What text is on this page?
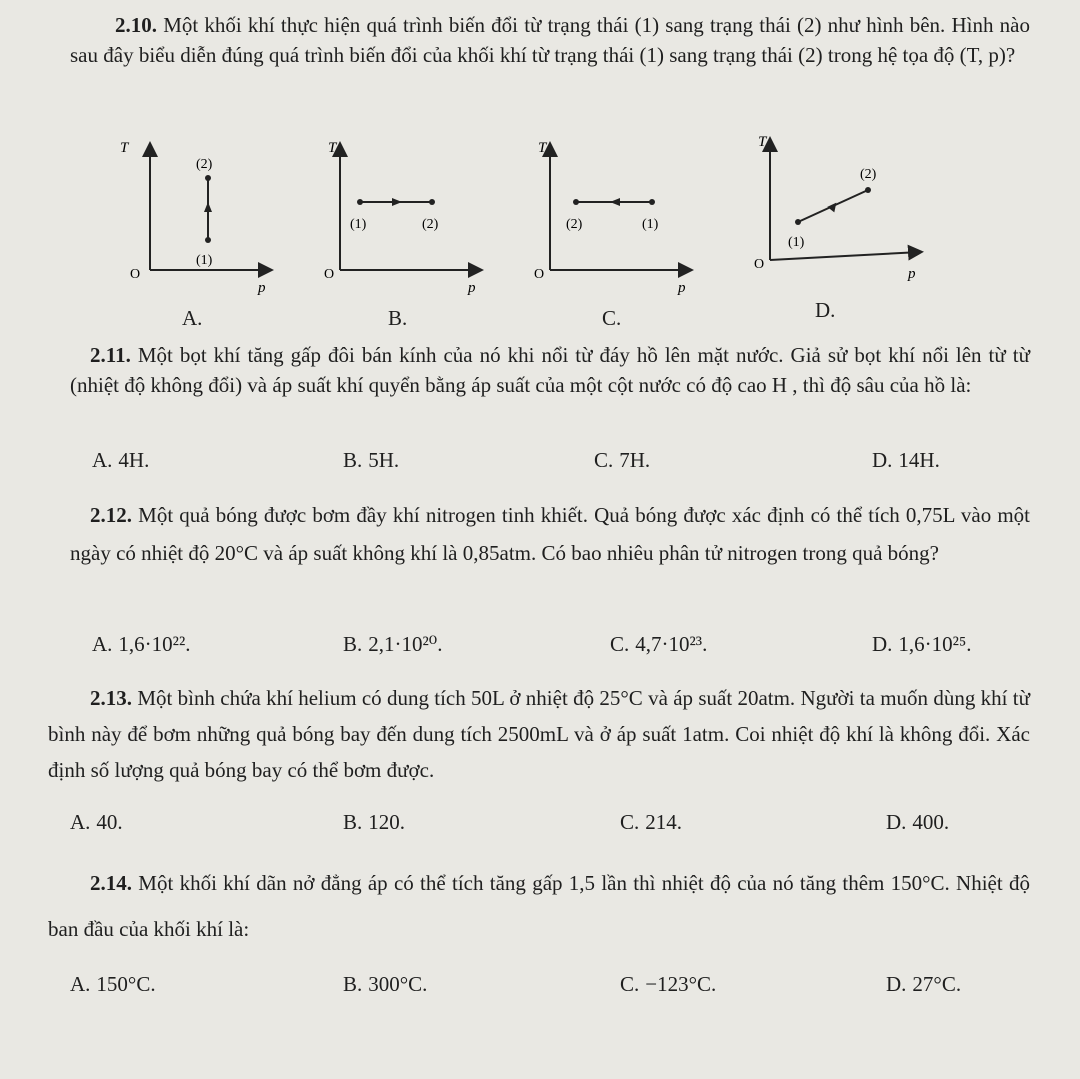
2.10. Một khối khí thực hiện quá trình biến đổi từ trạng thái (1) sang trạng thái (2) như hình bên. Hình nào sau đây biểu diễn đúng quá trình biến đổi của khối khí từ trạng thái (1) sang trạng thái (2) trong hệ tọa độ (T, p)?
T
p
O
(1)
(2)
A.
T
p
O
(1)	(2)
B.
T
p
O
(2)	(1)
C.
T
p
O
(1)
(2)
D.
2.11. Một bọt khí tăng gấp đôi bán kính của nó khi nổi từ đáy hồ lên mặt nước. Giả sử bọt khí nổi lên từ từ (nhiệt độ không đổi) và áp suất khí quyển bằng áp suất của một cột nước có độ cao H , thì độ sâu của hồ là:
A. 4H.	B. 5H.	C. 7H.	D. 14H.
2.12. Một quả bóng được bơm đầy khí nitrogen tinh khiết. Quả bóng được xác định có thể tích 0,75L vào một ngày có nhiệt độ 20°C và áp suất không khí là 0,85atm. Có bao nhiêu phân tử nitrogen trong quả bóng?
A. 1,6·10²².	B. 2,1·10²⁰.	C. 4,7·10²³.	D. 1,6·10²⁵.
2.13. Một bình chứa khí helium có dung tích 50L ở nhiệt độ 25°C và áp suất 20atm. Người ta muốn dùng khí từ bình này để bơm những quả bóng bay đến dung tích 2500mL và ở áp suất 1atm. Coi nhiệt độ khí là không đổi. Xác định số lượng quả bóng bay có thể bơm được.
A. 40.	B. 120.	C. 214.	D. 400.
2.14. Một khối khí dãn nở đẳng áp có thể tích tăng gấp 1,5 lần thì nhiệt độ của nó tăng thêm 150°C. Nhiệt độ ban đầu của khối khí là:
A. 150°C.	B. 300°C.	C. −123°C.	D. 27°C.
